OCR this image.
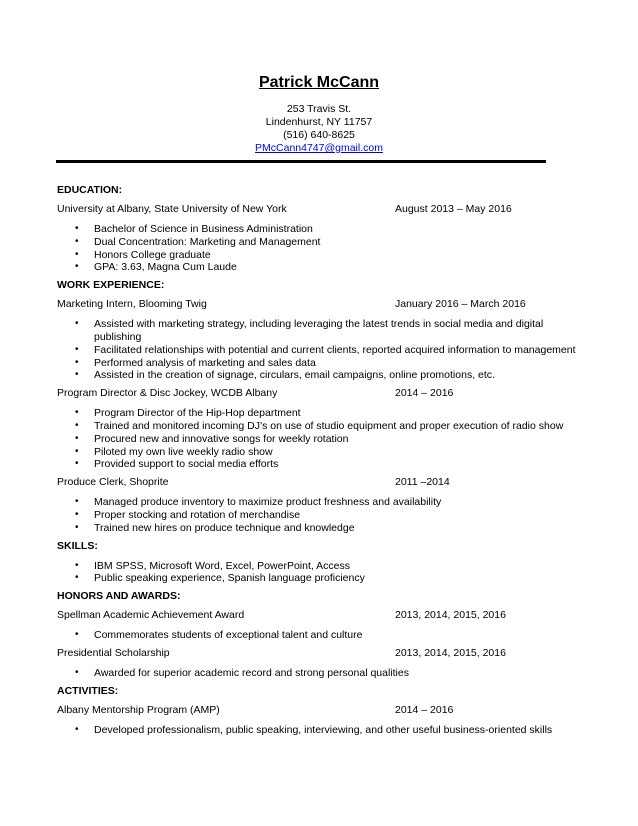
Patrick McCann
253 Travis St.
Lindenhurst, NY 11757
(516) 640-8625
PMcCann4747@gmail.com
EDUCATION:
University at Albany, State University of New York	August 2013 – May 2016
• Bachelor of Science in Business Administration
• Dual Concentration: Marketing and Management
• Honors College graduate
• GPA: 3.63, Magna Cum Laude
WORK EXPERIENCE:
Marketing Intern, Blooming Twig	January 2016 – March 2016
• Assisted with marketing strategy, including leveraging the latest trends in social media and digital publishing
• Facilitated relationships with potential and current clients, reported acquired information to management
• Performed analysis of marketing and sales data
• Assisted in the creation of signage, circulars, email campaigns, online promotions, etc.
Program Director & Disc Jockey, WCDB Albany	2014 – 2016
• Program Director of the Hip-Hop department
• Trained and monitored incoming DJ’s on use of studio equipment and proper execution of radio show
• Procured new and innovative songs for weekly rotation
• Piloted my own live weekly radio show
• Provided support to social media efforts
Produce Clerk, Shoprite	2011 –2014
• Managed produce inventory to maximize product freshness and availability
• Proper stocking and rotation of merchandise
• Trained new hires on produce technique and knowledge
SKILLS:
• IBM SPSS, Microsoft Word, Excel, PowerPoint, Access
• Public speaking experience, Spanish language proficiency
HONORS AND AWARDS:
Spellman Academic Achievement Award	2013, 2014, 2015, 2016
• Commemorates students of exceptional talent and culture
Presidential Scholarship	2013, 2014, 2015, 2016
• Awarded for superior academic record and strong personal qualities
ACTIVITIES:
Albany Mentorship Program (AMP)	2014 – 2016
• Developed professionalism, public speaking, interviewing, and other useful business-oriented skills
